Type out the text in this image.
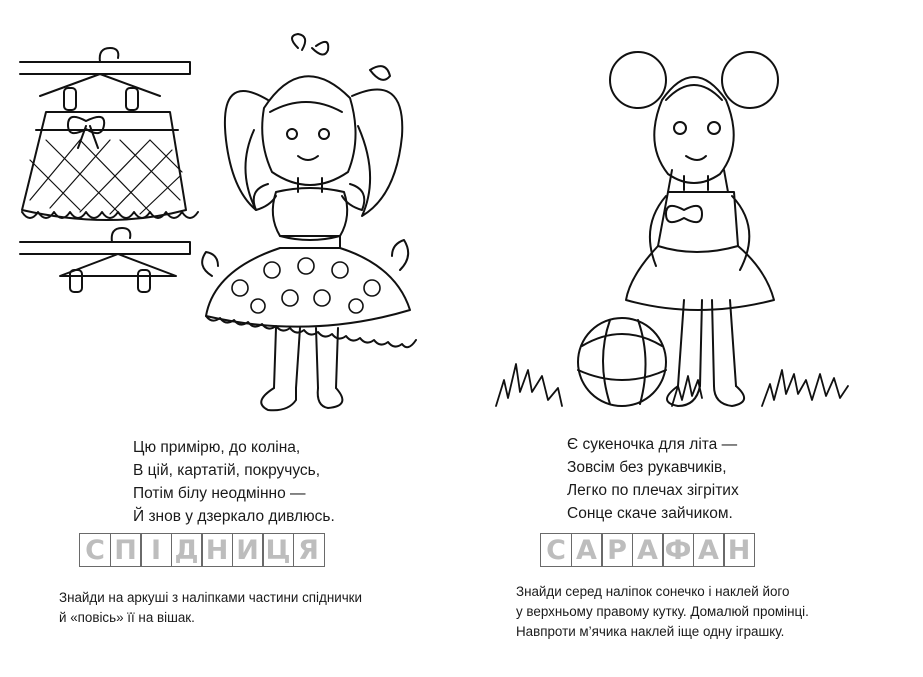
Цю примірю, до коліна,
В цій, картатій, покручусь,
Потім білу неодмінно —
Й знов у дзеркало дивлюсь.
С П І Д Н И Ц Я
Знайди на аркуші з наліпками частини спіднички
й «повісь» її на вішак.
Є сукеночка для літа —
Зовсім без рукавчиків,
Легко по плечах зігрітих
Сонце скаче зайчиком.
С А Р А Ф А Н
Знайди серед наліпок сонечко і наклей його
у верхньому правому кутку. Домалюй промінці.
Навпроти м’ячика наклей іще одну іграшку.
